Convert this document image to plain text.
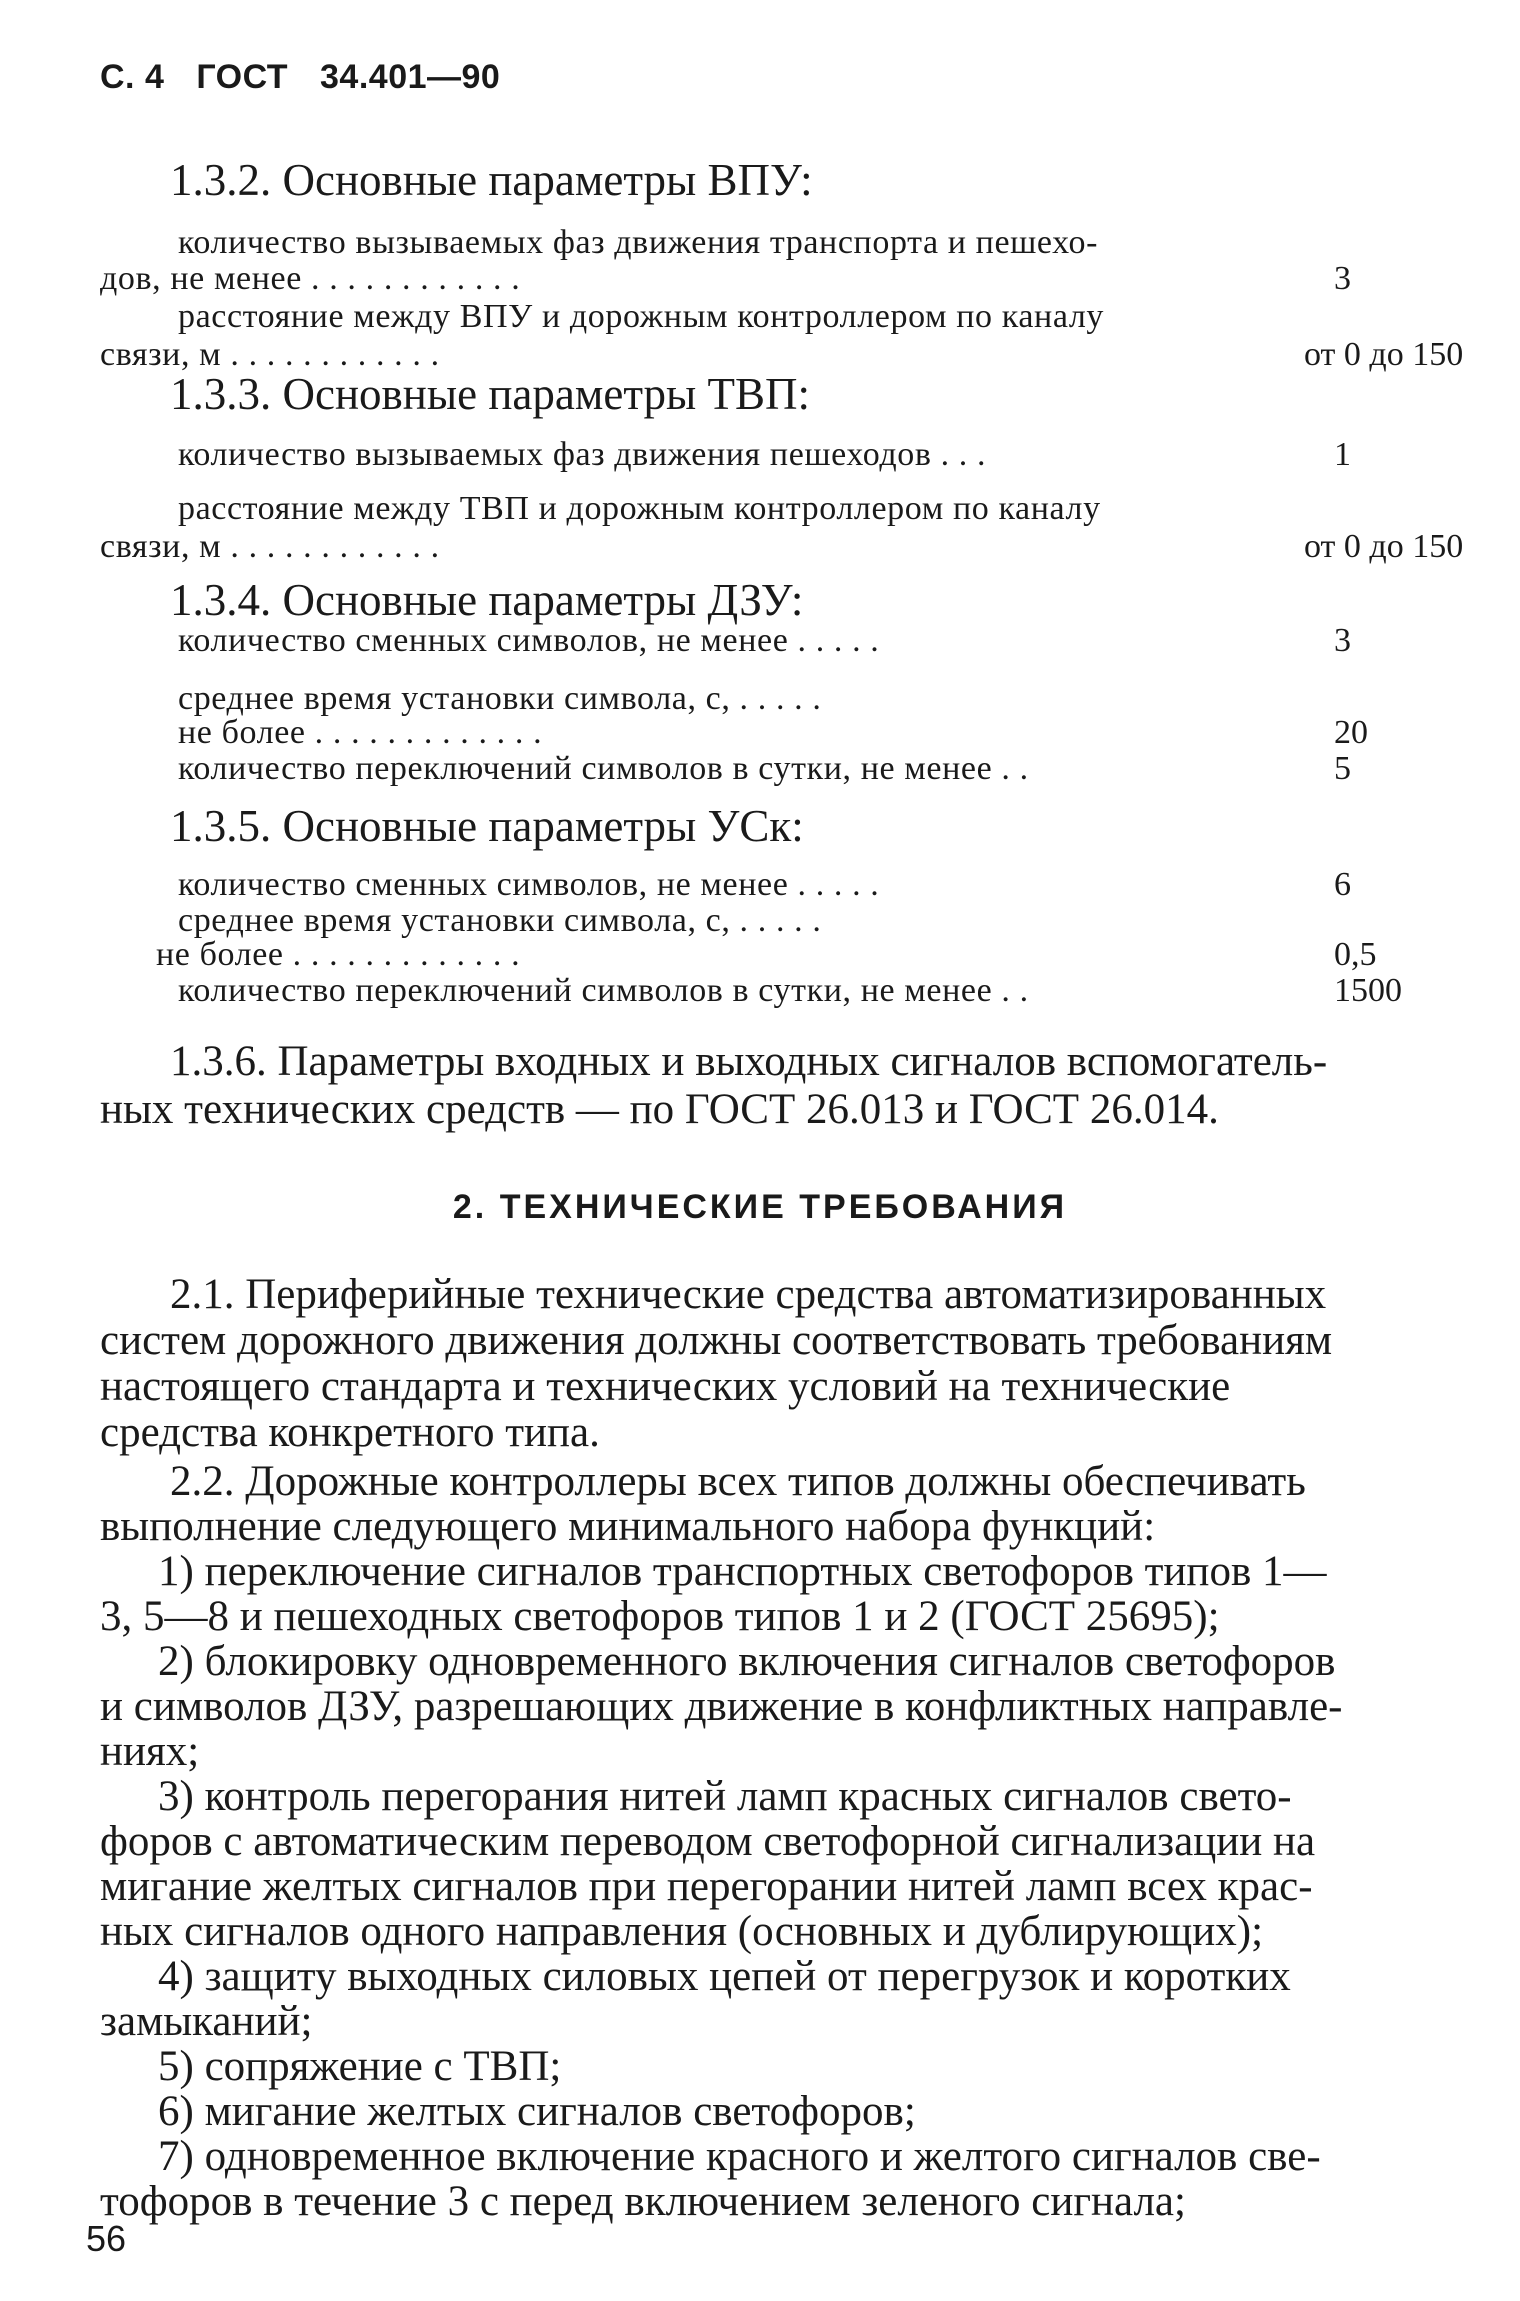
С. 4 ГОСТ 34.401—90
1.3.2. Основные параметры ВПУ:
количество вызываемых фаз движения транспорта и пешехо-
дов, не менее . . . . . . . . . . . .	3
расстояние между ВПУ и дорожным контроллером по каналу
связи, м . . . . . . . . . . . .	от 0 до 150
1.3.3. Основные параметры ТВП:
количество вызываемых фаз движения пешеходов . . .	1
расстояние между ТВП и дорожным контроллером по каналу
связи, м . . . . . . . . . . . .	от 0 до 150
1.3.4. Основные параметры ДЗУ:
количество сменных символов, не менее . . . . .	3
среднее время установки символа, с, . . . . .
не более . . . . . . . . . . . . .	20
количество переключений символов в сутки, не менее . .	5
1.3.5. Основные параметры УСк:
количество сменных символов, не менее . . . . .	6
среднее время установки символа, с, . . . . .
не более . . . . . . . . . . . . .	0,5
количество переключений символов в сутки, не менее . .	1500
1.3.6. Параметры входных и выходных сигналов вспомогатель-
ных технических средств — по ГОСТ 26.013 и ГОСТ 26.014.
2. ТЕХНИЧЕСКИЕ ТРЕБОВАНИЯ
2.1. Периферийные технические средства автоматизированных
систем дорожного движения должны соответствовать требованиям
настоящего стандарта и технических условий на технические
средства конкретного типа.
2.2. Дорожные контроллеры всех типов должны обеспечивать
выполнение следующего минимального набора функций:
1) переключение сигналов транспортных светофоров типов 1—
3, 5—8 и пешеходных светофоров типов 1 и 2 (ГОСТ 25695);
2) блокировку одновременного включения сигналов светофоров
и символов ДЗУ, разрешающих движение в конфликтных направле-
ниях;
3) контроль перегорания нитей ламп красных сигналов свето-
форов с автоматическим переводом светофорной сигнализации на
мигание желтых сигналов при перегорании нитей ламп всех крас-
ных сигналов одного направления (основных и дублирующих);
4) защиту выходных силовых цепей от перегрузок и коротких
замыканий;
5) сопряжение с ТВП;
6) мигание желтых сигналов светофоров;
7) одновременное включение красного и желтого сигналов све-
тофоров в течение 3 с перед включением зеленого сигнала;
56
